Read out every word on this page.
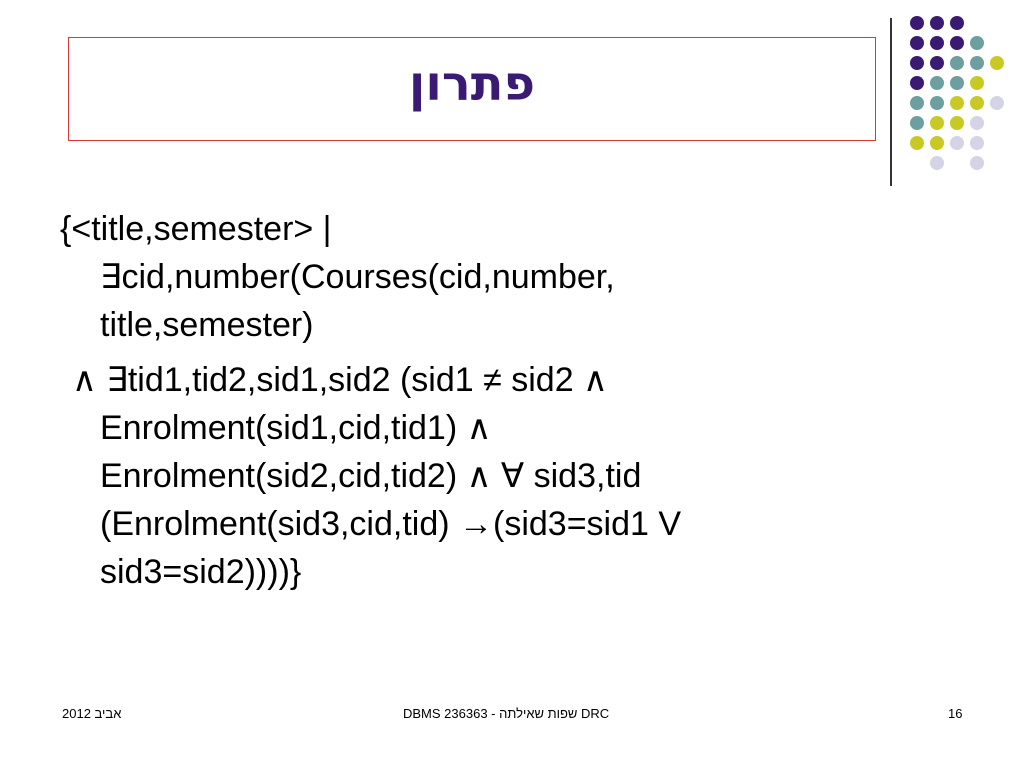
פתרון
{<title,semester> |
∃cid,number(Courses(cid,number,
title,semester)
∧ ∃tid1,tid2,sid1,sid2 (sid1 ≠ sid2 ∧
Enrolment(sid1,cid,tid1) ∧
Enrolment(sid2,cid,tid2) ∧ ∀ sid3,tid
(Enrolment(sid3,cid,tid) →(sid3=sid1 V
sid3=sid2))))}
אביב 2012	DBMS 236363 - שפות שאילתה DRC	16
